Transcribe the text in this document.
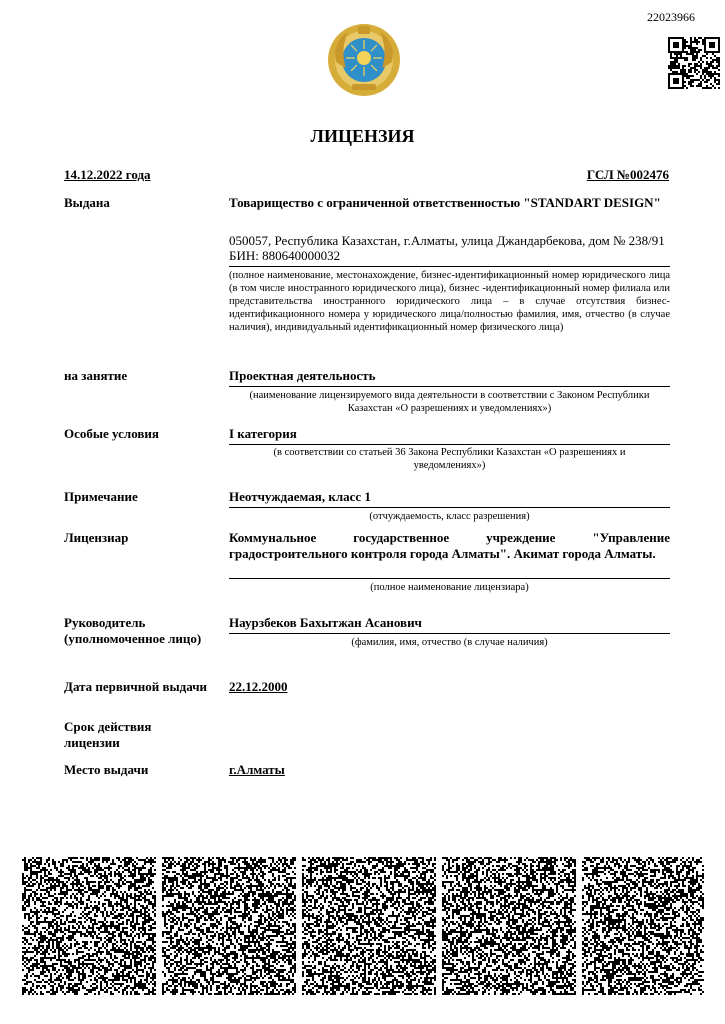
22023966
ЛИЦЕНЗИЯ
14.12.2022 года	ГСЛ №002476
Выдана	Товарищество с ограниченной ответственностью "STANDART DESIGN"
050057, Республика Казахстан, г.Алматы, улица Джандарбекова, дом № 238/91
БИН: 880640000032
(полное наименование, местонахождение, бизнес-идентификационный номер юридического лица (в том числе иностранного юридического лица), бизнес -идентификационный номер филиала или представительства иностранного юридического лица – в случае отсутствия бизнес-идентификационного номера у юридического лица/полностью фамилия, имя, отчество (в случае наличия), индивидуальный идентификационный номер физического лица)
на занятие	Проектная деятельность
(наименование лицензируемого вида деятельности в соответствии с Законом Республики Казахстан «О разрешениях и уведомлениях»)
Особые условия	I категория
(в соответствии со статьей 36 Закона Республики Казахстан «О разрешениях и уведомлениях»)
Примечание	Неотчуждаемая, класс 1
(отчуждаемость, класс разрешения)
Лицензиар	Коммунальное государственное учреждение "Управление градостроительного контроля города Алматы". Акимат города Алматы.
(полное наименование лицензиара)
Руководитель (уполномоченное лицо)
Наурзбеков Бахытжан Асанович
(фамилия, имя, отчество (в случае наличия)
Дата первичной выдачи 22.12.2000
Срок действия лицензии
Место выдачи	г.Алматы
